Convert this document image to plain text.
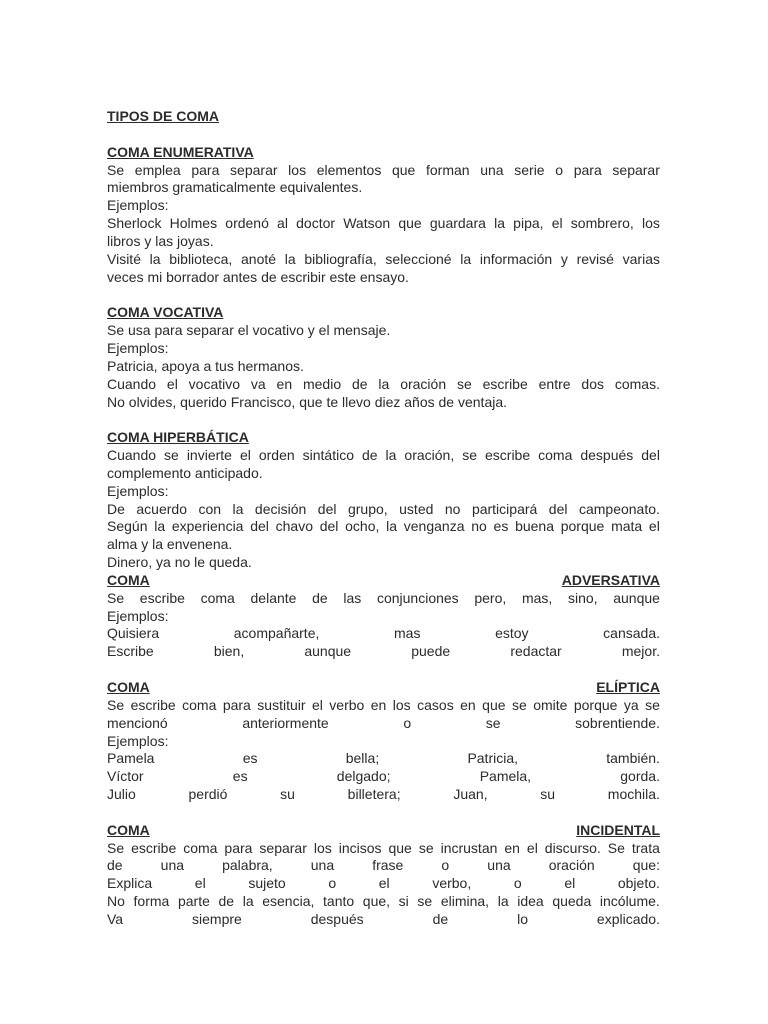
TIPOS DE COMA
COMA ENUMERATIVA
Se emplea para separar los elementos que forman una serie o para separar
miembros gramaticalmente equivalentes.
Ejemplos:
Sherlock Holmes ordenó al doctor Watson que guardara la pipa, el sombrero, los
libros y las joyas.
Visité la biblioteca, anoté la bibliografía, seleccioné la información y revisé varias
veces mi borrador antes de escribir este ensayo.
COMA VOCATIVA
Se usa para separar el vocativo y el mensaje.
Ejemplos:
Patricia, apoya a tus hermanos.
Cuando el vocativo va en medio de la oración se escribe entre dos comas.
No olvides, querido Francisco, que te llevo diez años de ventaja.
COMA HIPERBÁTICA
Cuando se invierte el orden sintático de la oración, se escribe coma después del
complemento anticipado.
Ejemplos:
De acuerdo con la decisión del grupo, usted no participará del campeonato.
Según la experiencia del chavo del ocho, la venganza no es buena porque mata el
alma y la envenena.
Dinero, ya no le queda.
COMA	ADVERSATIVA
Se escribe coma delante de las conjunciones pero, mas, sino, aunque
Ejemplos:
Quisiera	acompañarte,	mas	estoy	cansada.
Escribe	bien,	aunque	puede	redactar	mejor.
COMA	ELÍPTICA
Se escribe coma para sustituir el verbo en los casos en que se omite porque ya se
mencionó	anteriormente	o	se	sobrentiende.
Ejemplos:
Pamela	es	bella;	Patricia,	también.
Víctor	es	delgado;	Pamela,	gorda.
Julio	perdió	su	billetera;	Juan,	su	mochila.
COMA	INCIDENTAL
Se escribe coma para separar los incisos que se incrustan en el discurso. Se trata
de	una	palabra,	una	frase	o	una	oración	que:
Explica	el	sujeto	o	el	verbo,	o	el	objeto.
No forma parte de la esencia, tanto que, si se elimina, la idea queda incólume.
Va	siempre	después	de	lo	explicado.
